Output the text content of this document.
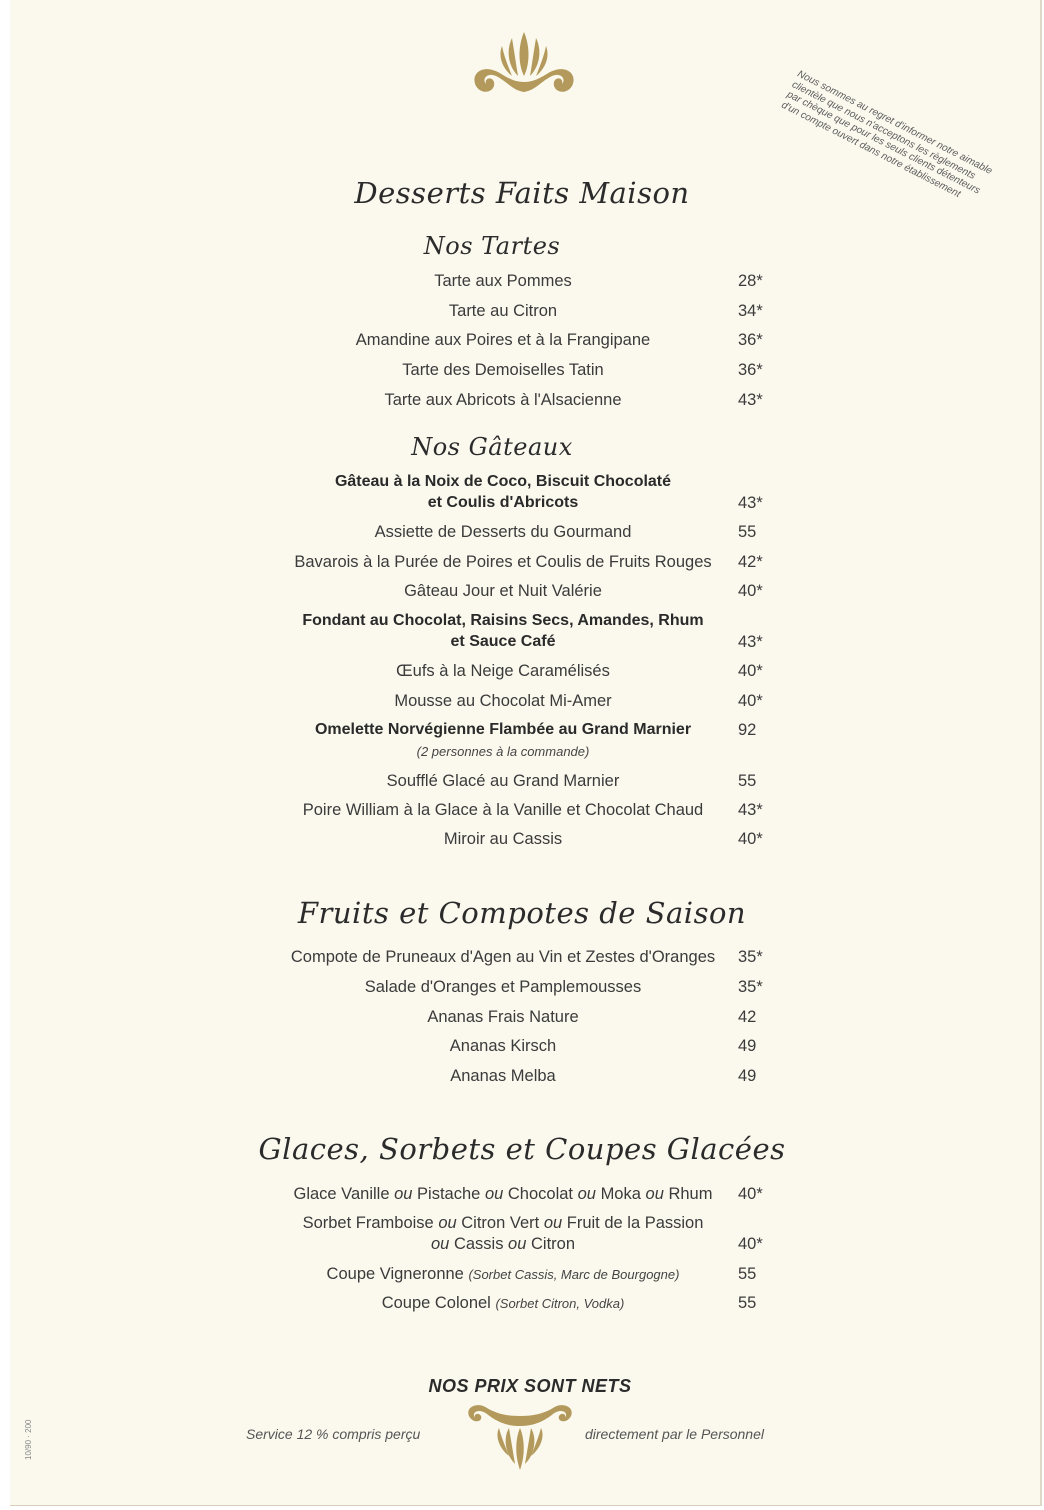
Nous sommes au regret d'informer notre aimable clientèle que nous n'acceptons les règlements par chèque que pour les seuls clients détenteurs d'un compte ouvert dans notre établissement
Desserts Faits Maison
Nos Tartes
Tarte aux Pommes	28*
Tarte au Citron	34*
Amandine aux Poires et à la Frangipane	36*
Tarte des Demoiselles Tatin	36*
Tarte aux Abricots à l'Alsacienne	43*
Nos Gâteaux
Gâteau à la Noix de Coco, Biscuit Chocolaté
et Coulis d'Abricots	43*
Assiette de Desserts du Gourmand	55
Bavarois à la Purée de Poires et Coulis de Fruits Rouges	42*
Gâteau Jour et Nuit Valérie	40*
Fondant au Chocolat, Raisins Secs, Amandes, Rhum
et Sauce Café	43*
Œufs à la Neige Caramélisés	40*
Mousse au Chocolat Mi-Amer	40*
Omelette Norvégienne Flambée au Grand Marnier	92
(2 personnes à la commande)
Soufflé Glacé au Grand Marnier	55
Poire William à la Glace à la Vanille et Chocolat Chaud	43*
Miroir au Cassis	40*
Fruits et Compotes de Saison
Compote de Pruneaux d'Agen au Vin et Zestes d'Oranges	35*
Salade d'Oranges et Pamplemousses	35*
Ananas Frais Nature	42
Ananas Kirsch	49
Ananas Melba	49
Glaces, Sorbets et Coupes Glacées
Glace Vanille ou Pistache ou Chocolat ou Moka ou Rhum	40*
Sorbet Framboise ou Citron Vert ou Fruit de la Passion
ou Cassis ou Citron	40*
Coupe Vigneronne (Sorbet Cassis, Marc de Bourgogne)	55
Coupe Colonel (Sorbet Citron, Vodka)	55
NOS PRIX SONT NETS
Service 12 % compris perçu	directement par le Personnel
10/90 · 200
